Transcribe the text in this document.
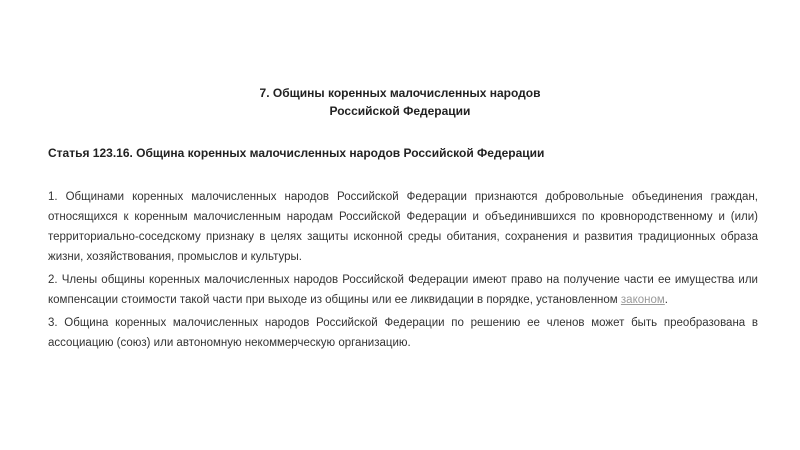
7. Общины коренных малочисленных народов
Российской Федерации
Статья 123.16. Община коренных малочисленных народов Российской Федерации

1. Общинами коренных малочисленных народов Российской Федерации признаются добровольные объединения граждан, относящихся к коренным малочисленным народам Российской Федерации и объединившихся по кровнородственному и (или) территориально-соседскому признаку в целях защиты исконной среды обитания, сохранения и развития традиционных образа жизни, хозяйствования, промыслов и культуры.

2. Члены общины коренных малочисленных народов Российской Федерации имеют право на получение части ее имущества или компенсации стоимости такой части при выходе из общины или ее ликвидации в порядке, установленном законом.

3. Община коренных малочисленных народов Российской Федерации по решению ее членов может быть преобразована в ассоциацию (союз) или автономную некоммерческую организацию.
